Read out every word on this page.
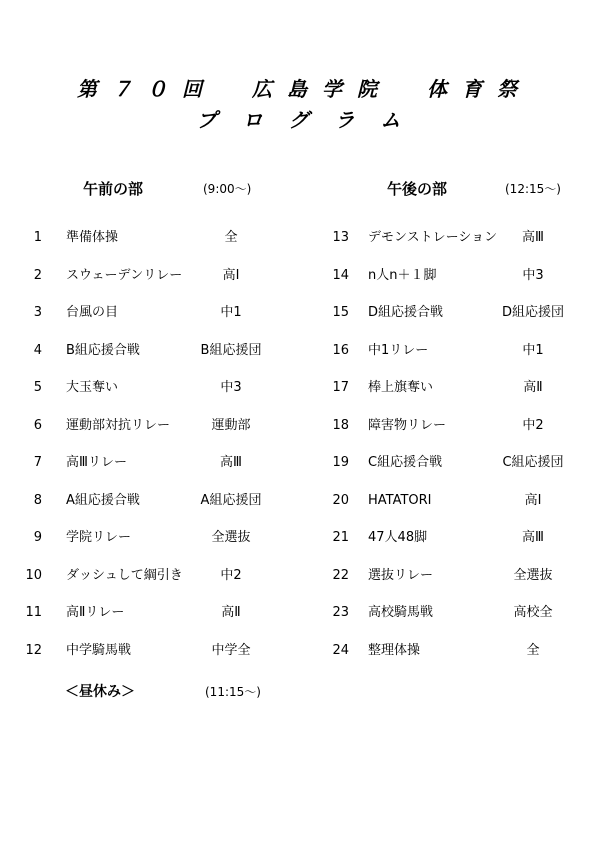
第７０回　広島学院　体育祭
プログラム
午前の部	(9:00～)	午後の部	(12:15～)
1 準備体操	全
2 スウェーデンリレー	高Ⅰ
3 台風の目	中1
4 B組応援合戦	B組応援団
5 大玉奪い	中3
6 運動部対抗リレー	運動部
7 高Ⅲリレー	高Ⅲ
8 A組応援合戦	A組応援団
9 学院リレー	全選抜
10 ダッシュして綱引き	中2
11 高Ⅱリレー	高Ⅱ
12 中学騎馬戦	中学全
13 デモンストレーション	高Ⅲ
14 n人n＋１脚	中3
15 D組応援合戦	D組応援団
16 中1リレー	中1
17 棒上旗奪い	高Ⅱ
18 障害物リレー	中2
19 C組応援合戦	C組応援団
20 HATATORI	高Ⅰ
21 47人48脚	高Ⅲ
22 選抜リレー	全選抜
23 高校騎馬戦	高校全
24 整理体操	全
＜昼休み＞	(11:15～)
